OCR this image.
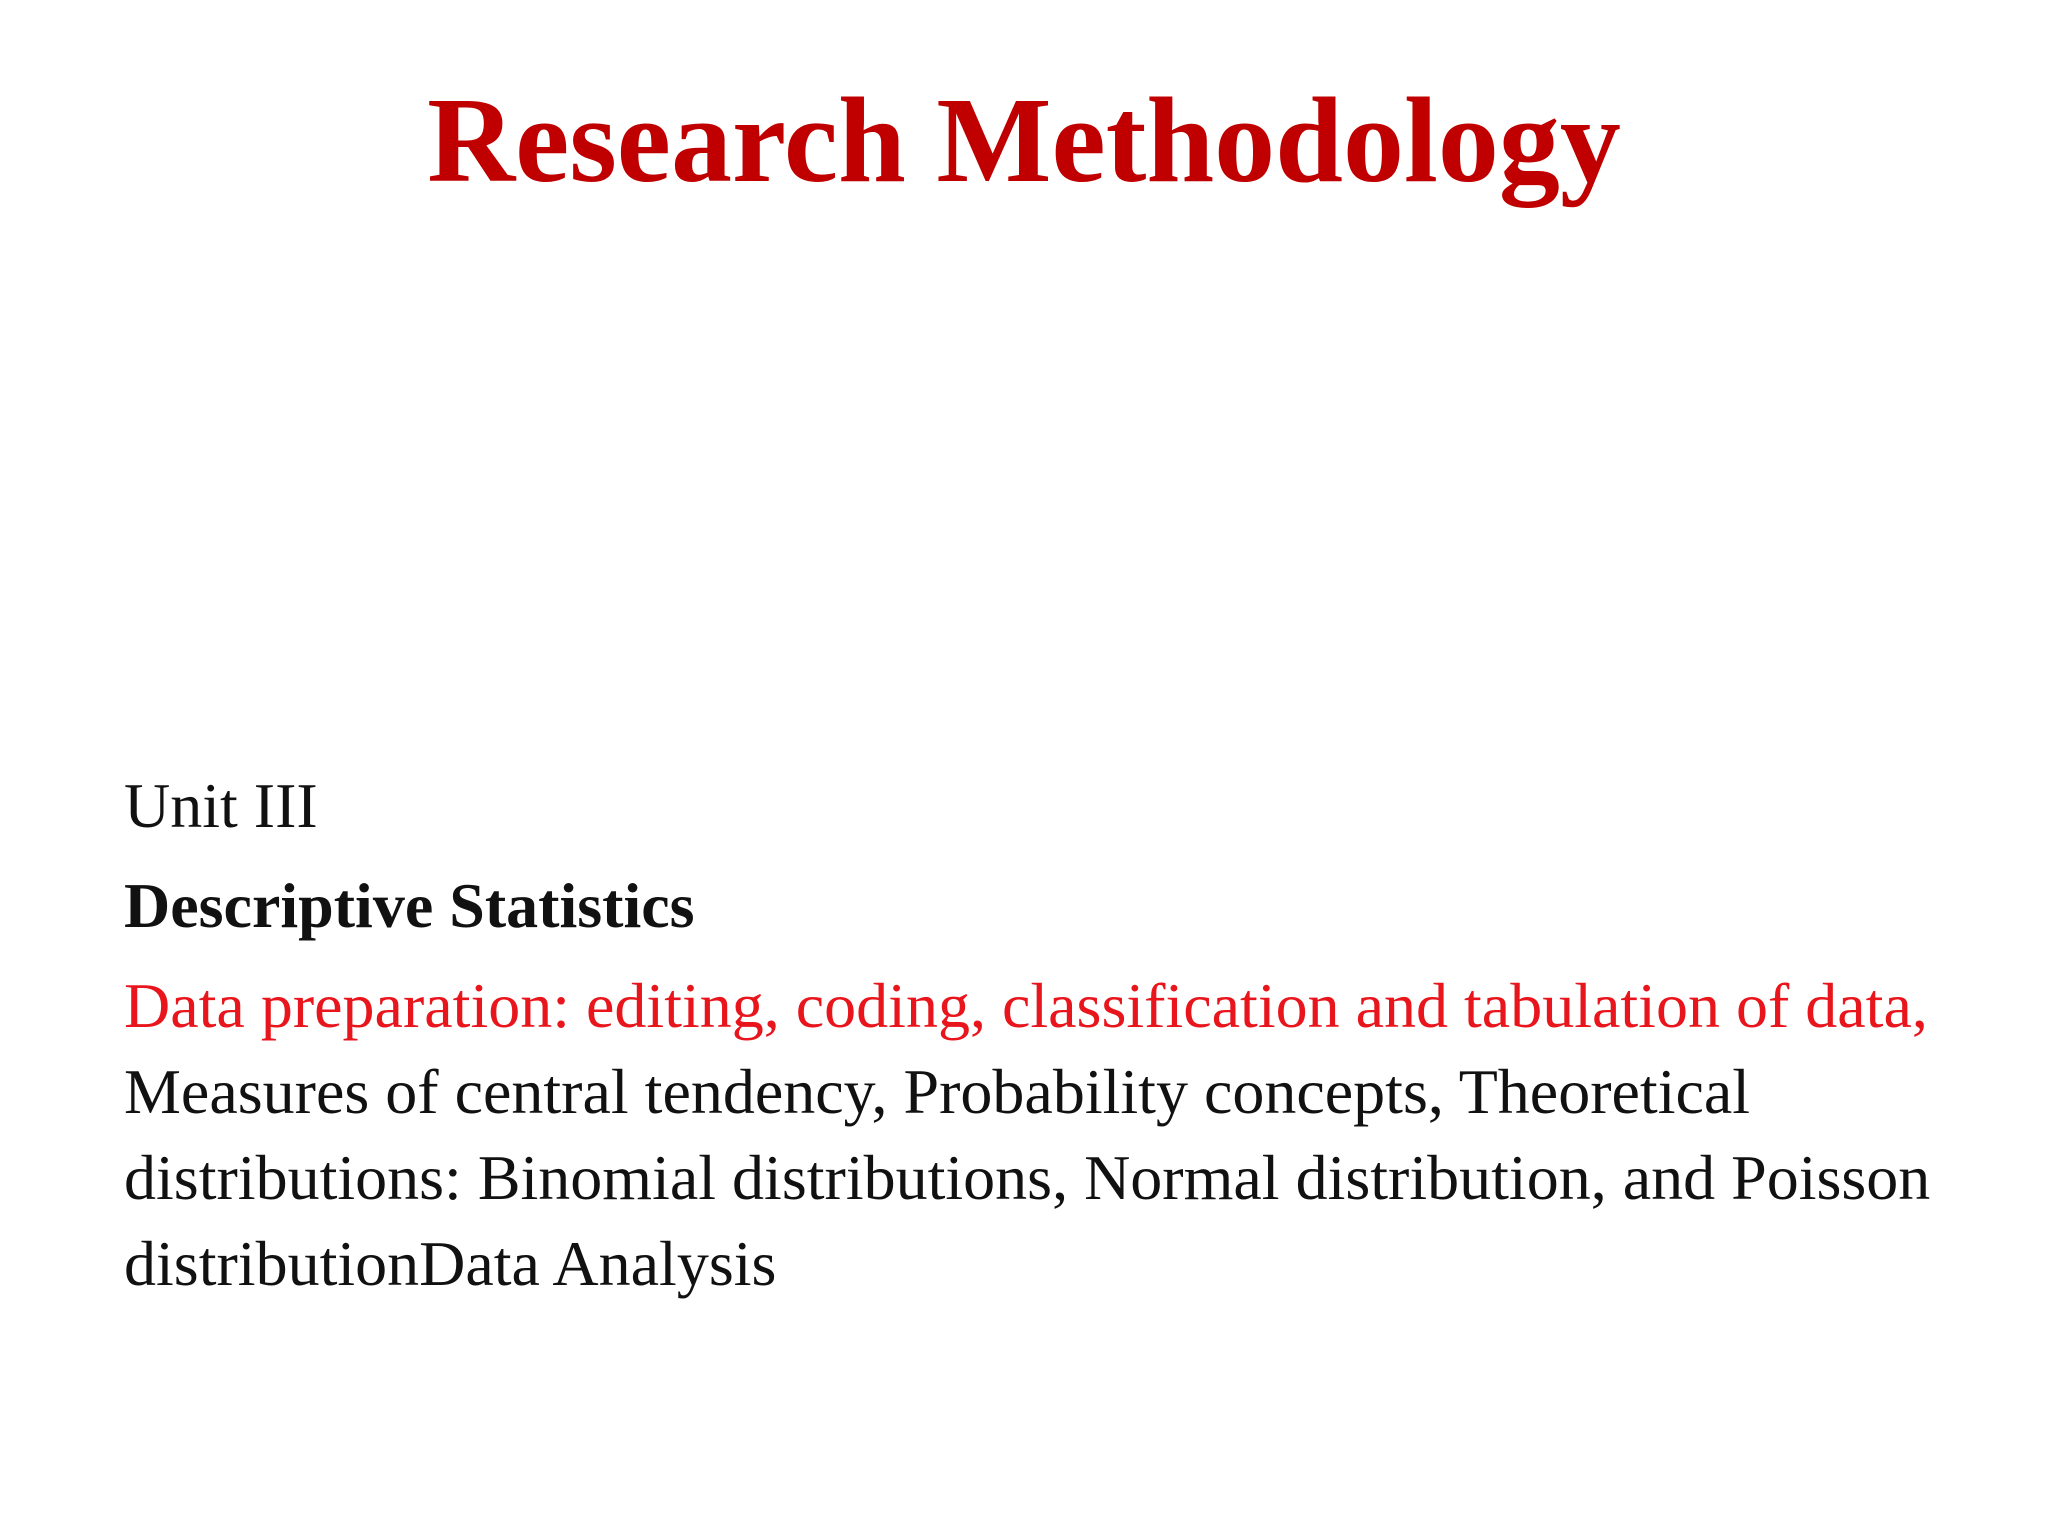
Research Methodology

Unit III

Descriptive Statistics

Data preparation: editing, coding, classification and tabulation of data, Measures of central tendency, Probability concepts, Theoretical distributions: Binomial distributions, Normal distribution, and Poisson distributionData Analysis
